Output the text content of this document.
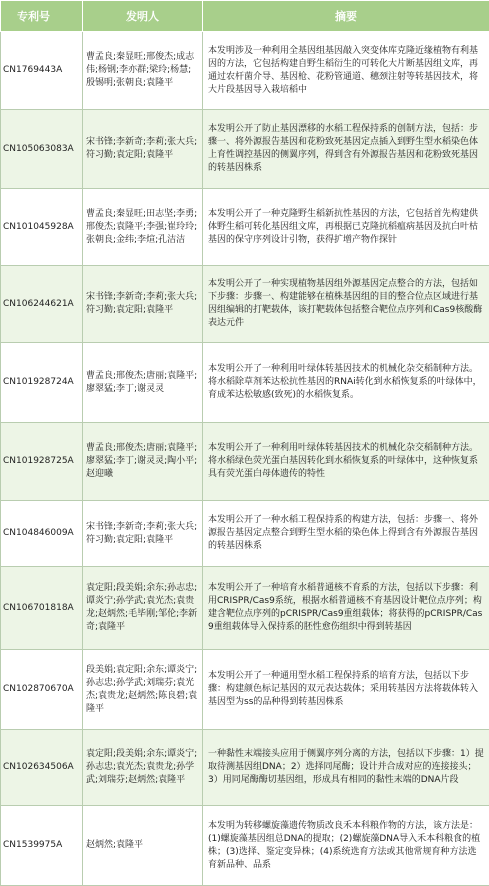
专利号	发明人	摘要
CN1769443A	曹孟良;秦显旺;邢俊杰;成志伟;杨钢;李亦群;梁玲;杨慧;殷锡明;张朝良;袁隆平	本发明涉及一种利用全基因组基因敲入突变体库克隆近缘植物有利基因的方法，它包括构建自野生稻衍生的可转化大片断基因组文库，再通过农杆菌介导、基因枪、花粉管通道、穗颈注射等转基因技术，将大片段基因导入栽培稻中
CN105063083A	宋书锋;李新奇;李莉;张大兵;符习勤;袁定阳;袁隆平	本发明公开了防止基因漂移的水稻工程保持系的创制方法，包括：步骤一、将外源报告基因和花粉致死基因定点插入到野生型水稻染色体上育性调控基因的侧翼序列，得到含有外源报告基因和花粉致死基因的转基因株系
CN101045928A	曹孟良;秦显旺;田志坚;李勇;邢俊杰;袁隆平;李强;崔玲玲;张朝良;金纬;李煊;孔洁洁	本发明公开了一种克隆野生稻新抗性基因的方法，它包括首先构建供体野生稻可转化基因组文库，再根据已克隆抗稻瘟病基因及抗白叶枯基因的保守序列设计引物，获得扩增产物作探针
CN106244621A	宋书锋;李新奇;李莉;张大兵;符习勤;袁定阳;袁隆平	本发明公开了一种实现植物基因组外源基因定点整合的方法，包括如下步骤：步骤一、构建能够在植株基因组的目的整合位点区域进行基因组编辑的打靶载体，该打靶载体包括整合靶位点序列和Cas9核酸酶表达元件
CN101928724A	曹孟良;邢俊杰;唐丽;袁隆平;廖翠猛;李丁;谢灵灵	本发明公开了一种利用叶绿体转基因技术的机械化杂交稻制种方法。将水稻除草剂苯达松抗性基因的RNAi转化到水稻恢复系的叶绿体中，育成苯达松敏感(致死)的水稻恢复系。
CN101928725A	曹孟良;邢俊杰;唐丽;袁隆平;廖翠猛;李丁;谢灵灵;陶小平;赵迎曦	本发明公开了一种利用叶绿体转基因技术的机械化杂交稻制种方法。将水稻绿色荧光蛋白基因转化到水稻恢复系的叶绿体中，这种恢复系具有荧光蛋白母体遗传的特性
CN104846009A	宋书锋;李新奇;李莉;张大兵;符习勤;袁定阳;袁隆平	本发明公开了一种水稻工程保持系的构建方法，包括：步骤一、将外源报告基因定点整合到野生型水稻的染色体上得到含有外源报告基因的转基因株系
CN106701818A	袁定阳;段美娟;余东;孙志忠;谭炎宁;孙学武;袁光杰;袁贵龙;赵炳然;毛毕刚;邹伦;李新奇;袁隆平	本发明公开了一种培育水稻普通核不育系的方法，包括以下步骤：利用CRISPR/Cas9系统，根据水稻普通核不育基因设计靶位点序列；构建含靶位点序列的pCRISPR/Cas9重组载体；将获得的pCRISPR/Cas9重组载体导入保持系的胚性愈伤组织中得到转基因
CN102870670A	段美娟;袁定阳;余东;谭炎宁;孙志忠;孙学武;刘瑞芬;袁光杰;袁贵龙;赵炳然;陈良碧;袁隆平	本发明公开了一种通用型水稻工程保持系的培育方法，包括以下步骤：构建颜色标记基因的双元表达载体；采用转基因方法将载体转入基因型为ss的品种得到转基因株系
CN102634506A	袁定阳;段美娟;余东;谭炎宁;孙志忠;袁光杰;袁贵龙;孙学武;刘瑞芬;赵炳然;袁隆平	一种黏性末端接头应用于侧翼序列分离的方法，包括以下步骤：1）提取待测基因组DNA；2）选择同尾酶；设计并合成对应的连接接头；3）用同尾酶酶切基因组，形成具有相同的黏性末端的DNA片段
CN1539975A	赵炳然;袁隆平	本发明为转移螺旋藻遗传物质改良禾本科粮作物的方法，该方法是：(1)螺旋藻基因组总DNA的提取；(2)螺旋藻DNA导入禾本科粮食的植株；(3)选择、鉴定变异株；(4)系统选育方法或其他常规育种方法选育新品种、品系
